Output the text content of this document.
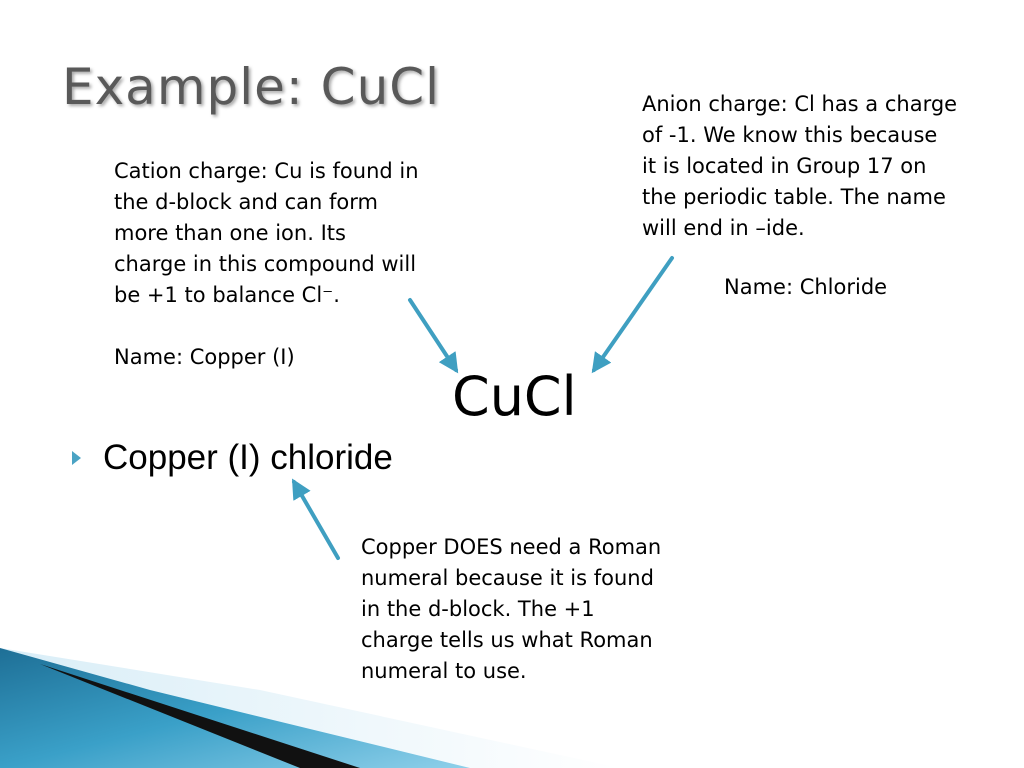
Example: CuCl

Cation charge: Cu is found in

the d-block and can form

more than one ion. Its

charge in this compound will

be +1 to balance Cl⁻.

Name: Copper (I)

Anion charge: Cl has a charge

of -1. We know this because

it is located in Group 17 on

the periodic table. The name

will end in –ide.

Name: Chloride
CuCl
Copper (I) chloride

Copper DOES need a Roman

numeral because it is found

in the d-block. The +1

charge tells us what Roman

numeral to use.
